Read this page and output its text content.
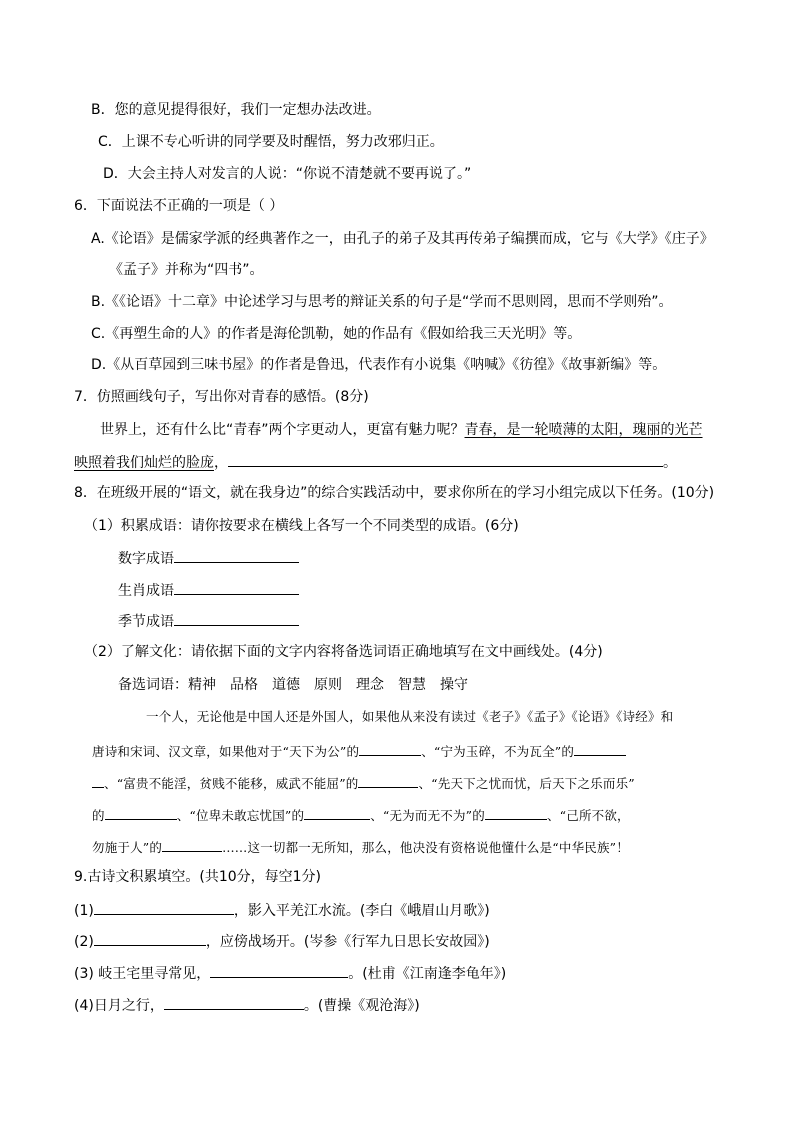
B．您的意见提得很好，我们一定想办法改进。
C．上课不专心听讲的同学要及时醒悟，努力改邪归正。
D．大会主持人对发言的人说：“你说不清楚就不要再说了。”
6．下面说法不正确的一项是（ ）
A.《论语》是儒家学派的经典著作之一，由孔子的弟子及其再传弟子编撰而成，它与《大学》《庄子》
《孟子》并称为“四书”。
B.《《论语》十二章》中论述学习与思考的辩证关系的句子是“学而不思则罔，思而不学则殆”。
C.《再塑生命的人》的作者是海伦凯勒，她的作品有《假如给我三天光明》等。
D.《从百草园到三味书屋》的作者是鲁迅，代表作有小说集《呐喊》《彷徨》《故事新编》等。
7．仿照画线句子，写出你对青春的感悟。(8分)
世界上，还有什么比“青春”两个字更动人，更富有魅力呢？青春，是一轮喷薄的太阳，瑰丽的光芒
映照着我们灿烂的脸庞，	。
8．在班级开展的“语文，就在我身边”的综合实践活动中，要求你所在的学习小组完成以下任务。(10分)
（1）积累成语：请你按要求在横线上各写一个不同类型的成语。(6分)
数字成语
生肖成语
季节成语
（2）了解文化：请依据下面的文字内容将备选词语正确地填写在文中画线处。(4分)
备选词语：精神 品格 道德 原则 理念 智慧 操守
一个人，无论他是中国人还是外国人，如果他从来没有读过《老子》《孟子》《论语》《诗经》和
唐诗和宋词、汉文章，如果他对于“天下为公”的	、“宁为玉碎，不为瓦全”的
、“富贵不能淫，贫贱不能移，威武不能屈”的	、“先天下之忧而忧，后天下之乐而乐”
的	、“位卑未敢忘忧国”的	、“无为而无不为”的	、“己所不欲，
勿施于人”的	……这一切都一无所知，那么，他决没有资格说他懂什么是“中华民族”！
9.古诗文积累填空。(共10分，每空1分)
(1)	，影入平羌江水流。(李白《峨眉山月歌》)
(2)	，应傍战场开。(岑参《行军九日思长安故园》)
(3) 岐王宅里寻常见，	。(杜甫《江南逢李龟年》)
(4)日月之行，	。(曹操《观沧海》)
